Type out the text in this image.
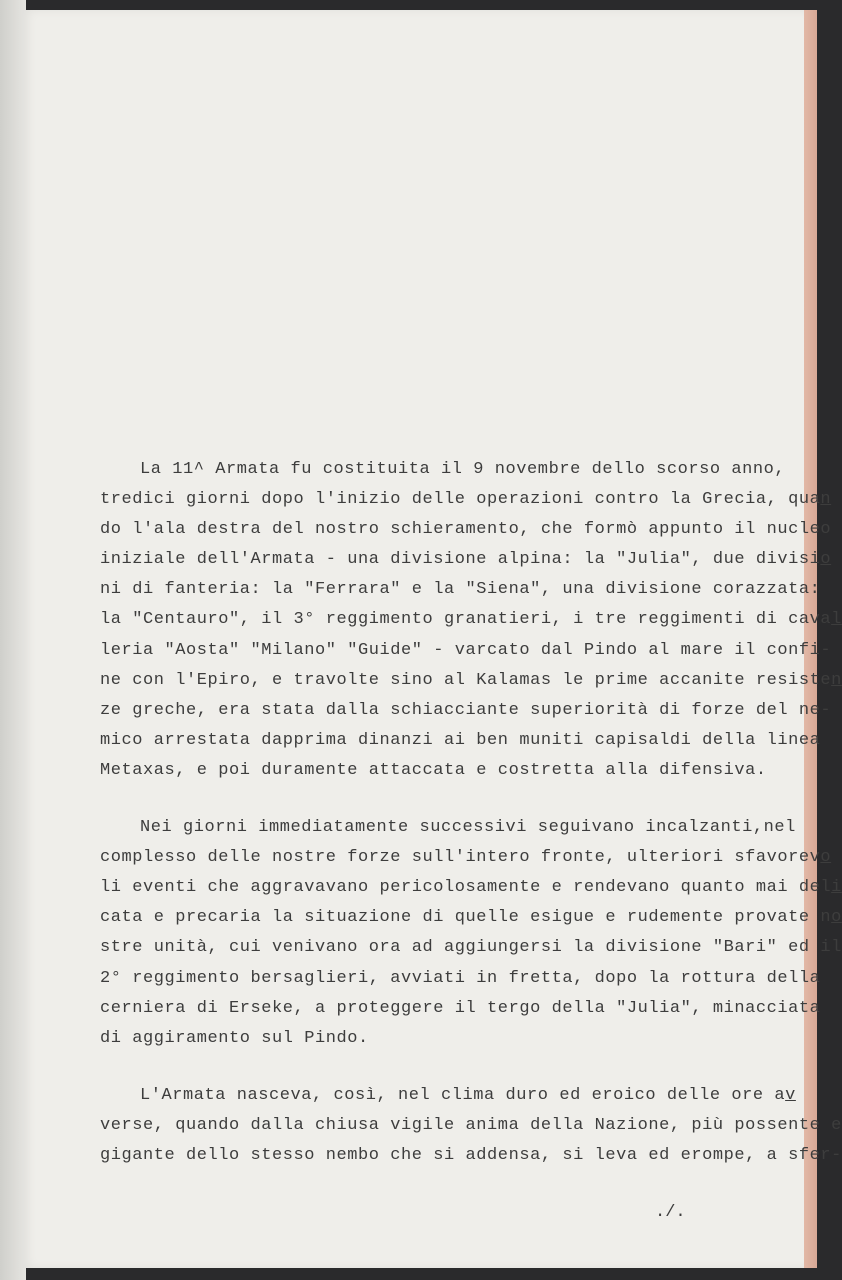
La 11^ Armata fu costituita il 9 novembre dello scorso anno,
tredici giorni dopo l'inizio delle operazioni contro la Grecia, quan
do l'ala destra del nostro schieramento, che formò appunto il nucleo
iniziale dell'Armata - una divisione alpina: la "Julia", due divisio
ni di fanteria: la "Ferrara" e la "Siena", una divisione corazzata:
la "Centauro", il 3° reggimento granatieri, i tre reggimenti di caval
leria "Aosta" "Milano" "Guide" - varcato dal Pindo al mare il confi-
ne con l'Epiro, e travolte sino al Kalamas le prime accanite resisten
ze greche, era stata dalla schiacciante superiorità di forze del ne-
mico arrestata dapprima dinanzi ai ben muniti capisaldi della linea
Metaxas, e poi duramente attaccata e costretta alla difensiva.
Nei giorni immediatamente successivi seguivano incalzanti,nel
complesso delle nostre forze sull'intero fronte, ulteriori sfavorevo
li eventi che aggravavano pericolosamente e rendevano quanto mai deli
cata e precaria la situazione di quelle esigue e rudemente provate no
stre unità, cui venivano ora ad aggiungersi la divisione "Bari" ed il
2° reggimento bersaglieri, avviati in fretta, dopo la rottura della
cerniera di Erseke, a proteggere il tergo della "Julia", minacciata
di aggiramento sul Pindo.
L'Armata nasceva, così, nel clima duro ed eroico delle ore av
verse, quando dalla chiusa vigile anima della Nazione, più possente e
gigante dello stesso nembo che si addensa, si leva ed erompe, a sfer-
./.
